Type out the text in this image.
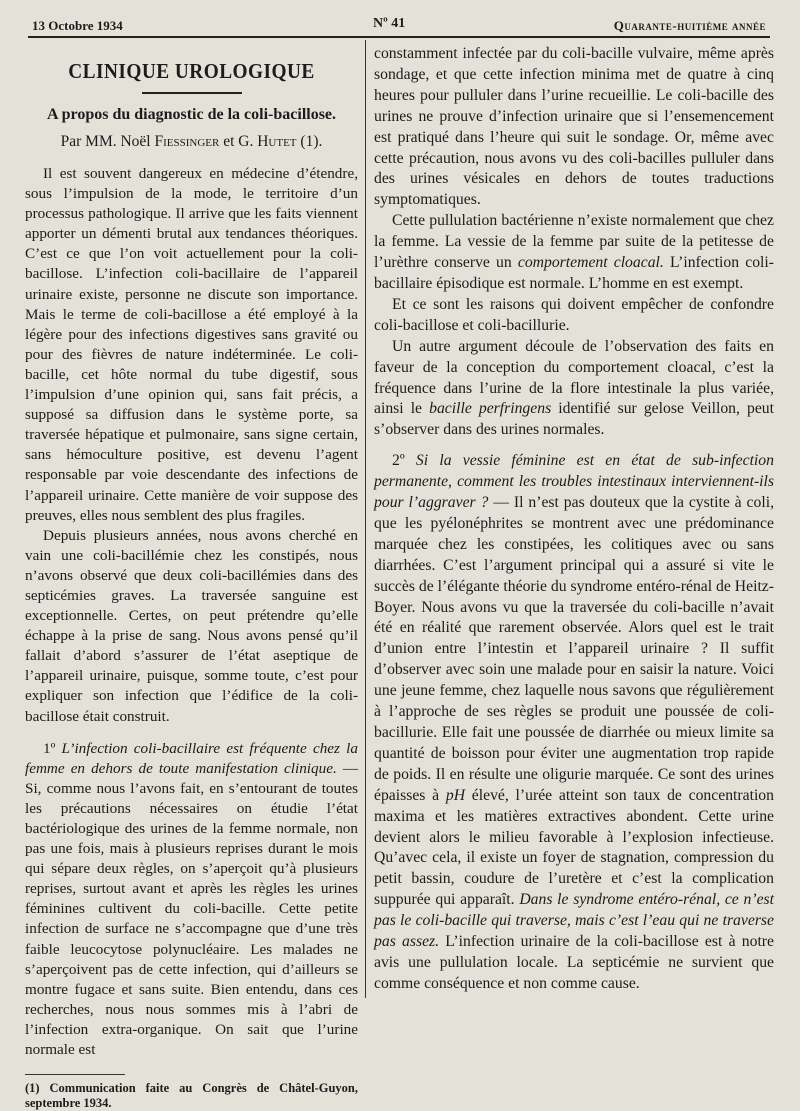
13 Octobre 1934	Nº 41	Quarante-huitième année
CLINIQUE UROLOGIQUE
A propos du diagnostic de la coli-bacillose.
Par MM. Noël Fiessinger et G. Hutet (1).

Il est souvent dangereux en médecine d’étendre, sous l’impulsion de la mode, le territoire d’un processus pathologique. Il arrive que les faits viennent apporter un démenti brutal aux tendances théoriques. C’est ce que l’on voit actuellement pour la coli-bacillose. L’infection coli-bacillaire de l’appareil urinaire existe, personne ne discute son importance. Mais le terme de coli-bacillose a été employé à la légère pour des infections digestives sans gravité ou pour des fièvres de nature indéterminée. Le coli-bacille, cet hôte normal du tube digestif, sous l’impulsion d’une opinion qui, sans fait précis, a supposé sa diffusion dans le système porte, sa traversée hépatique et pulmonaire, sans signe certain, sans hémoculture positive, est devenu l’agent responsable par voie descendante des infections de l’appareil urinaire. Cette manière de voir suppose des preuves, elles nous semblent des plus fragiles.

Depuis plusieurs années, nous avons cherché en vain une coli-bacillémie chez les constipés, nous n’avons observé que deux coli-bacillémies dans des septicémies graves. La traversée sanguine est exceptionnelle. Certes, on peut prétendre qu’elle échappe à la prise de sang. Nous avons pensé qu’il fallait d’abord s’assurer de l’état aseptique de l’appareil urinaire, puisque, somme toute, c’est pour expliquer son infection que l’édifice de la coli-bacillose était construit.

1º L’infection coli-bacillaire est fréquente chez la femme en dehors de toute manifestation clinique. — Si, comme nous l’avons fait, en s’entourant de toutes les précautions nécessaires on étudie l’état bactériologique des urines de la femme normale, non pas une fois, mais à plusieurs reprises durant le mois qui sépare deux règles, on s’aperçoit qu’à plusieurs reprises, surtout avant et après les règles les urines féminines cultivent du coli-bacille. Cette petite infection de surface ne s’accompagne que d’une très faible leucocytose polynucléaire. Les malades ne s’aperçoivent pas de cette infection, qui d’ailleurs se montre fugace et sans suite. Bien entendu, dans ces recherches, nous nous sommes mis à l’abri de l’infection extra-organique. On sait que l’urine normale est

(1) Communication faite au Congrès de Châtel-Guyon, septembre 1934.

constamment infectée par du coli-bacille vulvaire, même après sondage, et que cette infection minima met de quatre à cinq heures pour pulluler dans l’urine recueillie. Le coli-bacille des urines ne prouve d’infection urinaire que si l’ensemencement est pratiqué dans l’heure qui suit le sondage. Or, même avec cette précaution, nous avons vu des coli-bacilles pulluler dans des urines vésicales en dehors de toutes traductions symptomatiques.

Cette pullulation bactérienne n’existe normalement que chez la femme. La vessie de la femme par suite de la petitesse de l’urèthre conserve un comportement cloacal. L’infection coli-bacillaire épisodique est normale. L’homme en est exempt.

Et ce sont les raisons qui doivent empêcher de confondre coli-bacillose et coli-bacillurie.

Un autre argument découle de l’observation des faits en faveur de la conception du comportement cloacal, c’est la fréquence dans l’urine de la flore intestinale la plus variée, ainsi le bacille perfringens identifié sur gelose Veillon, peut s’observer dans des urines normales.

2º Si la vessie féminine est en état de sub-infection permanente, comment les troubles intestinaux interviennent-ils pour l’aggraver ? — Il n’est pas douteux que la cystite à coli, que les pyélonéphrites se montrent avec une prédominance marquée chez les constipées, les colitiques avec ou sans diarrhées. C’est l’argument principal qui a assuré si vite le succès de l’élégante théorie du syndrome entéro-rénal de Heitz-Boyer. Nous avons vu que la traversée du coli-bacille n’avait été en réalité que rarement observée. Alors quel est le trait d’union entre l’intestin et l’appareil urinaire ? Il suffit d’observer avec soin une malade pour en saisir la nature. Voici une jeune femme, chez laquelle nous savons que régulièrement à l’approche de ses règles se produit une poussée de coli-bacillurie. Elle fait une poussée de diarrhée ou mieux limite sa quantité de boisson pour éviter une augmentation trop rapide de poids. Il en résulte une oligurie marquée. Ce sont des urines épaisses à pH élevé, l’urée atteint son taux de concentration maxima et les matières extractives abondent. Cette urine devient alors le milieu favorable à l’explosion infectieuse. Qu’avec cela, il existe un foyer de stagnation, compression du petit bassin, coudure de l’uretère et c’est la complication suppurée qui apparaît. Dans le syndrome entéro-rénal, ce n’est pas le coli-bacille qui traverse, mais c’est l’eau qui ne traverse pas assez. L’infection urinaire de la coli-bacillose est à notre avis une pullulation locale. La septicémie ne survient que comme conséquence et non comme cause.
